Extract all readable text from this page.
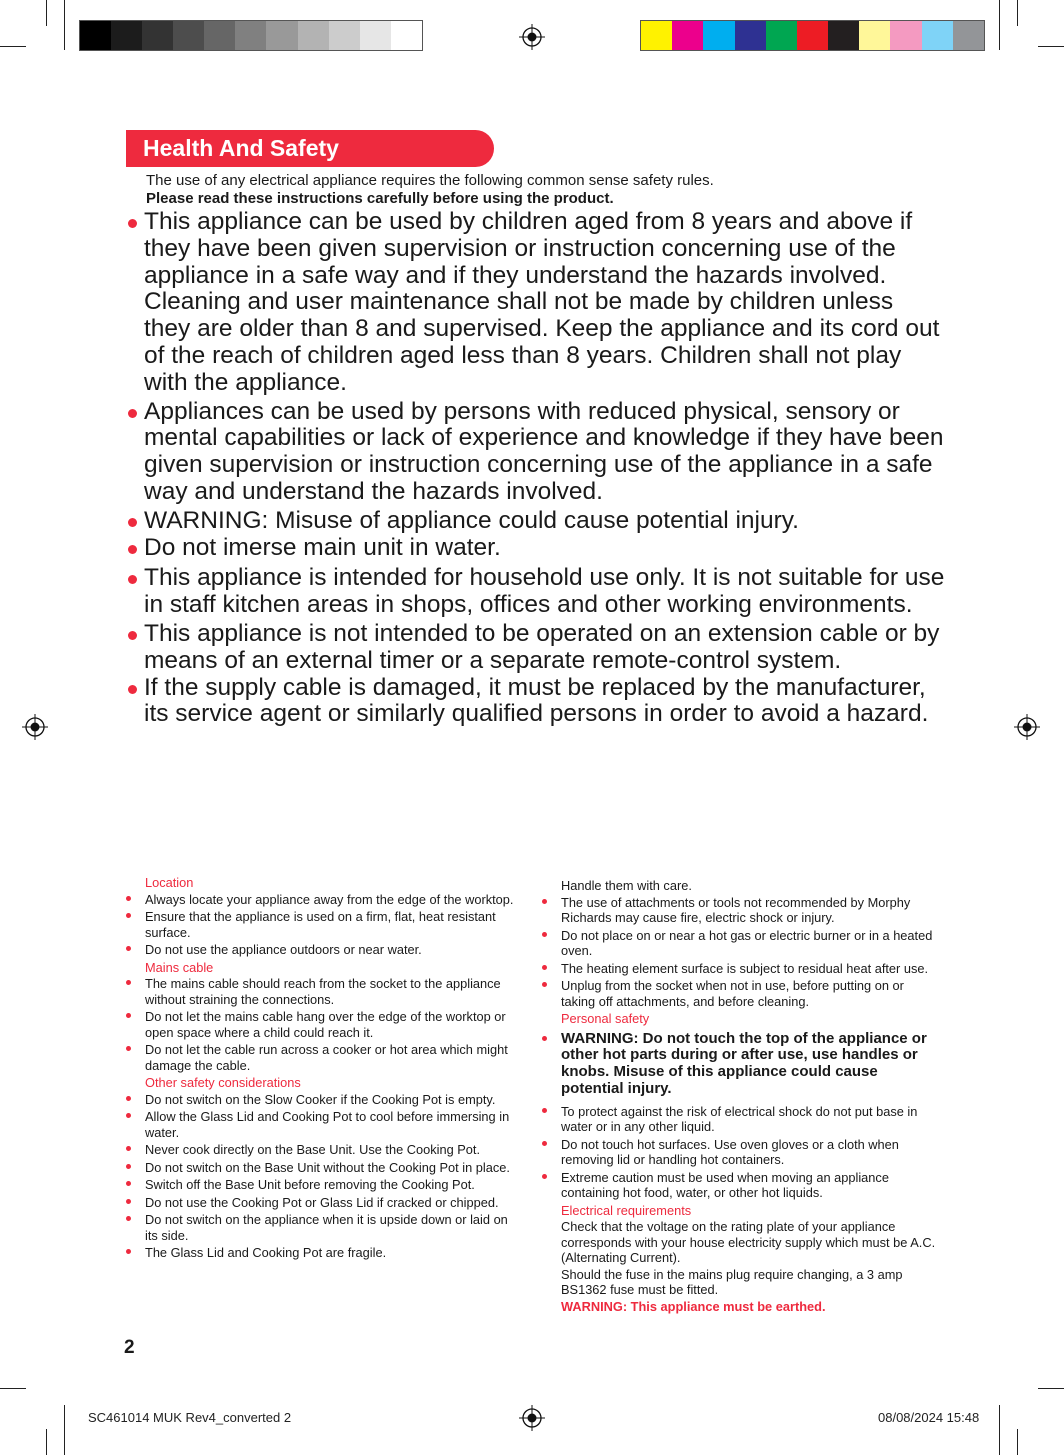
Health And Safety
The use of any electrical appliance requires the following common sense safety rules.
Please read these instructions carefully before using the product.
This appliance can be used by children aged from 8 years and above if they have been given supervision or instruction concerning use of the appliance in a safe way and if they understand the hazards involved. Cleaning and user maintenance shall not be made by children unless they are older than 8 and supervised. Keep the appliance and its cord out of the reach of children aged less than 8 years. Children shall not play with the appliance.
Appliances can be used by persons with reduced physical, sensory or mental capabilities or lack of experience and knowledge if they have been given supervision or instruction concerning use of the appliance in a safe way and understand the hazards involved.
WARNING: Misuse of appliance could cause potential injury.
Do not imerse main unit in water.
This appliance is intended for household use only. It is not suitable for use in staff kitchen areas in shops, offices and other working environments.
This appliance is not intended to be operated on an extension cable or by means of an external timer or a separate remote-control system.
If the supply cable is damaged, it must be replaced by the manufacturer, its service agent or similarly qualified persons in order to avoid a hazard.
Location
Always locate your appliance away from the edge of the worktop.
Ensure that the appliance is used on a firm, flat, heat resistant surface.
Do not use the appliance outdoors or near water.
Mains cable
The mains cable should reach from the socket to the appliance without straining the connections.
Do not let the mains cable hang over the edge of the worktop or open space where a child could reach it.
Do not let the cable run across a cooker or hot area which might damage the cable.
Other safety considerations
Do not switch on the Slow Cooker if the Cooking Pot is empty.
Allow the Glass Lid and Cooking Pot to cool before immersing in water.
Never cook directly on the Base Unit. Use the Cooking Pot.
Do not switch on the Base Unit without the Cooking Pot in place.
Switch off the Base Unit before removing the Cooking Pot.
Do not use the Cooking Pot or Glass Lid if cracked or chipped.
Do not switch on the appliance when it is upside down or laid on its side.
The Glass Lid and Cooking Pot are fragile.
Handle them with care.
The use of attachments or tools not recommended by Morphy Richards may cause fire, electric shock or injury.
Do not place on or near a hot gas or electric burner or in a heated oven.
The heating element surface is subject to residual heat after use.
Unplug from the socket when not in use, before putting on or taking off attachments, and before cleaning.
Personal safety
WARNING: Do not touch the top of the appliance or other hot parts during or after use, use handles or knobs. Misuse of this appliance could cause potential injury.
To protect against the risk of electrical shock do not put base in water or in any other liquid.
Do not touch hot surfaces. Use oven gloves or a cloth when removing lid or handling hot containers.
Extreme caution must be used when moving an appliance containing hot food, water, or other hot liquids.
Electrical requirements
Check that the voltage on the rating plate of your appliance corresponds with your house electricity supply which must be A.C. (Alternating Current).
Should the fuse in the mains plug require changing, a 3 amp BS1362 fuse must be fitted.
WARNING: This appliance must be earthed.
2
SC461014 MUK Rev4_converted 2	08/08/2024 15:48
